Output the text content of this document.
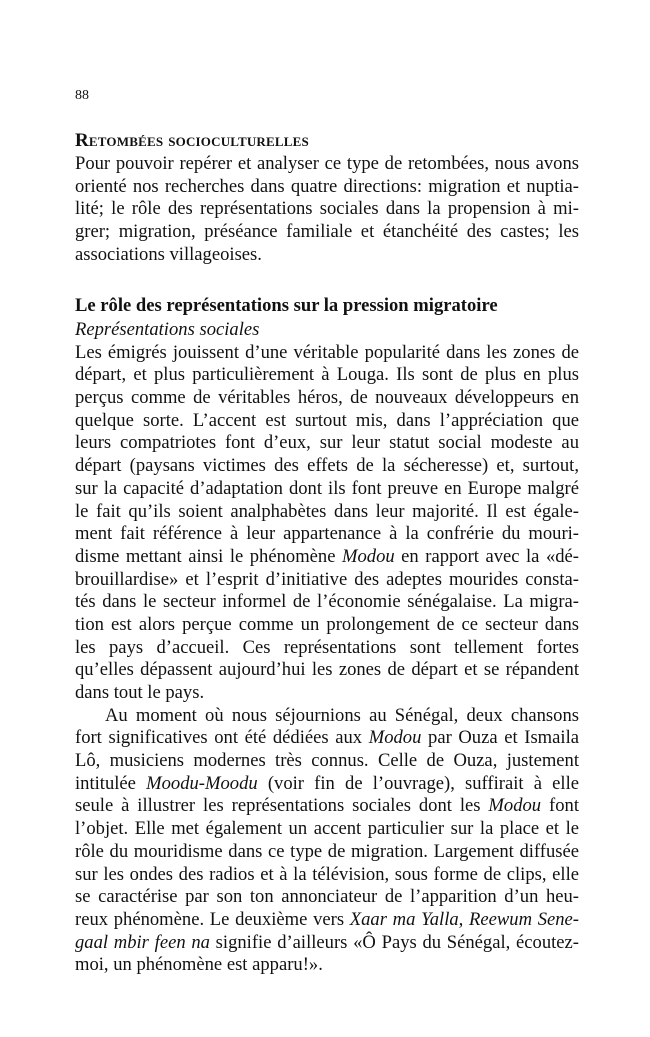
88
Retombées socioculturelles
Pour pouvoir repérer et analyser ce type de retombées, nous avons
orienté nos recherches dans quatre directions: migration et nuptia-
lité; le rôle des représentations sociales dans la propension à mi-
grer; migration, préséance familiale et étanchéité des castes; les
associations villageoises.
Le rôle des représentations sur la pression migratoire
Représentations sociales
Les émigrés jouissent d’une véritable popularité dans les zones de
départ, et plus particulièrement à Louga. Ils sont de plus en plus
perçus comme de véritables héros, de nouveaux développeurs en
quelque sorte. L’accent est surtout mis, dans l’appréciation que
leurs compatriotes font d’eux, sur leur statut social modeste au
départ (paysans victimes des effets de la sécheresse) et, surtout,
sur la capacité d’adaptation dont ils font preuve en Europe malgré
le fait qu’ils soient analphabètes dans leur majorité. Il est égale-
ment fait référence à leur appartenance à la confrérie du mouri-
disme mettant ainsi le phénomène Modou en rapport avec la «dé-
brouillardise» et l’esprit d’initiative des adeptes mourides consta-
tés dans le secteur informel de l’économie sénégalaise. La migra-
tion est alors perçue comme un prolongement de ce secteur dans
les pays d’accueil. Ces représentations sont tellement fortes
qu’elles dépassent aujourd’hui les zones de départ et se répandent
dans tout le pays.
Au moment où nous séjournions au Sénégal, deux chansons
fort significatives ont été dédiées aux Modou par Ouza et Ismaila
Lô, musiciens modernes très connus. Celle de Ouza, justement
intitulée Moodu-Moodu (voir fin de l’ouvrage), suffirait à elle
seule à illustrer les représentations sociales dont les Modou font
l’objet. Elle met également un accent particulier sur la place et le
rôle du mouridisme dans ce type de migration. Largement diffusée
sur les ondes des radios et à la télévision, sous forme de clips, elle
se caractérise par son ton annonciateur de l’apparition d’un heu-
reux phénomène. Le deuxième vers Xaar ma Yalla, Reewum Sene-
gaal mbir feen na signifie d’ailleurs «Ô Pays du Sénégal, écoutez-
moi, un phénomène est apparu!».
